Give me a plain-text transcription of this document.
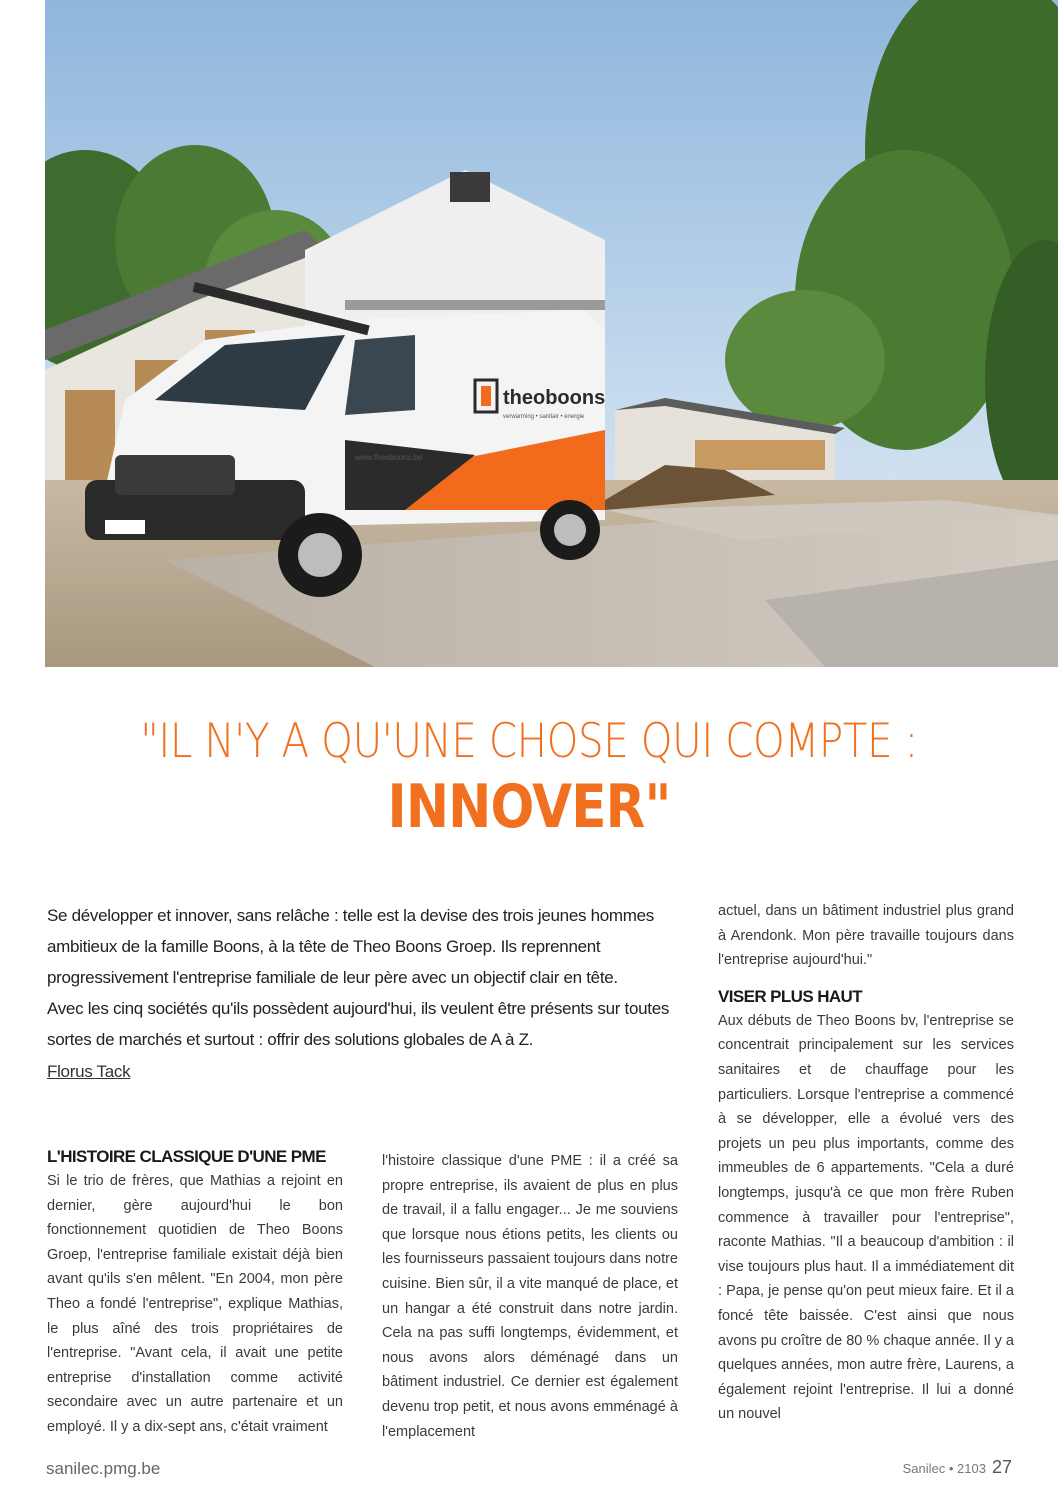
theoboons
verwarming • sanitair • energie
www.theoboons.be
"IL N'Y A QU'UNE CHOSE QUI COMPTE :
INNOVER"

Se développer et innover, sans relâche : telle est la devise des trois jeunes hommes

ambitieux de la famille Boons, à la tête de Theo Boons Groep. Ils reprennent

progressivement l'entreprise familiale de leur père avec un objectif clair en tête.

Avec les cinq sociétés qu'ils possèdent aujourd'hui, ils veulent être présents sur toutes

sortes de marchés et surtout : offrir des solutions globales de A à Z.

Florus Tack
L'HISTOIRE CLASSIQUE D'UNE PME

Si le trio de frères, que Mathias a rejoint en dernier, gère aujourd'hui le bon fonctionnement quotidien de Theo Boons Groep, l'entreprise familiale existait déjà bien avant qu'ils s'en mêlent. "En 2004, mon père Theo a fondé l'entreprise", explique Mathias, le plus aîné des trois propriétaires de l'entreprise. "Avant cela, il avait une petite entreprise d'installation comme activité secondaire avec un autre partenaire et un employé. Il y a dix-sept ans, c'était vraiment

l'histoire classique d'une PME : il a créé sa propre entreprise, ils avaient de plus en plus de travail, il a fallu engager... Je me souviens que lorsque nous étions petits, les clients ou les fournisseurs passaient toujours dans notre cuisine. Bien sûr, il a vite manqué de place, et un hangar a été construit dans notre jardin. Cela na pas suffi longtemps, évidemment, et nous avons alors déménagé dans un bâtiment industriel. Ce dernier est également devenu trop petit, et nous avons emménagé à l'emplacement

actuel, dans un bâtiment industriel plus grand à Arendonk. Mon père travaille toujours dans l'entreprise aujourd'hui."

VISER PLUS HAUT

Aux débuts de Theo Boons bv, l'entreprise se concentrait principalement sur les services sanitaires et de chauffage pour les particuliers. Lorsque l'entreprise a commencé à se développer, elle a évolué vers des projets un peu plus importants, comme des immeubles de 6 appartements. "Cela a duré longtemps, jusqu'à ce que mon frère Ruben commence à travailler pour l'entreprise", raconte Mathias. "Il a beaucoup d'ambition : il vise toujours plus haut. Il a immédiatement dit : Papa, je pense qu'on peut mieux faire. Et il a foncé tête baissée. C'est ainsi que nous avons pu croître de 80 % chaque année. Il y a quelques années, mon autre frère, Laurens, a également rejoint l'entreprise. Il lui a donné un nouvel

sanilec.pmg.be	Sanilec • 2103 27
